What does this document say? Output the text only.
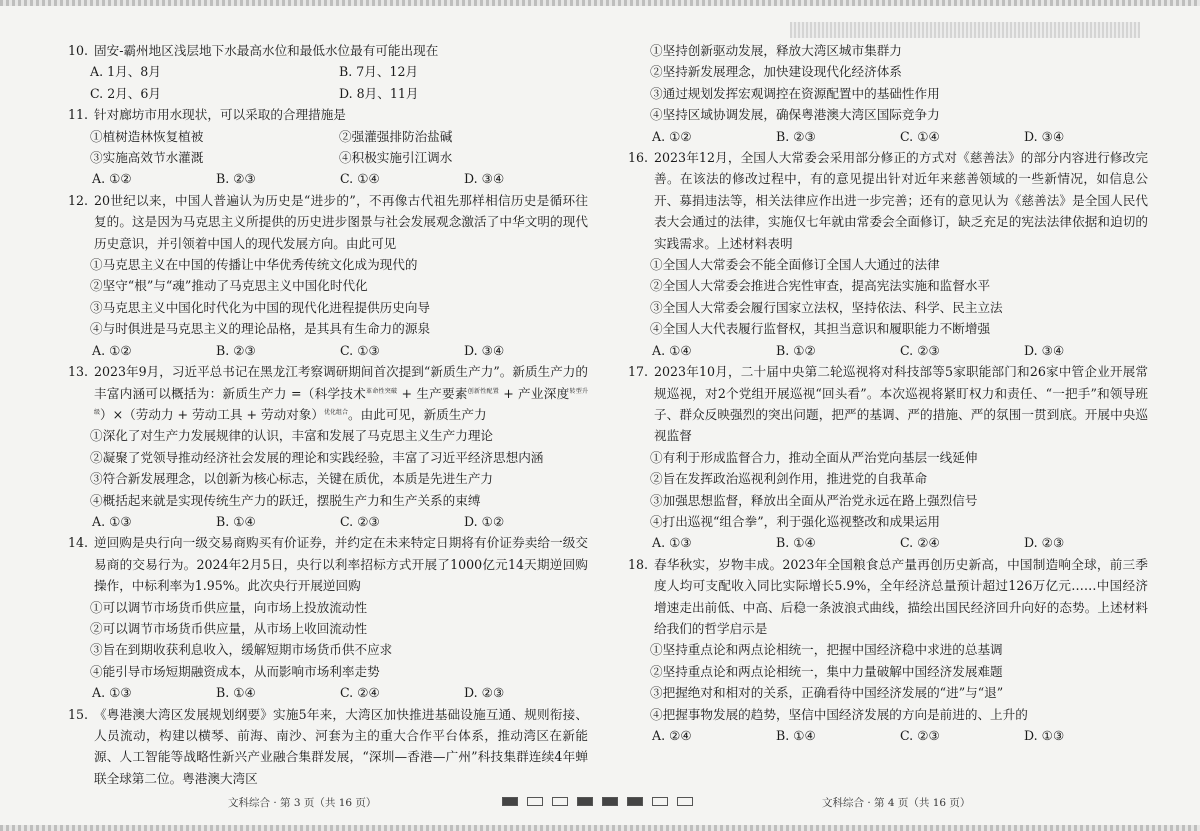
10. 固安-霸州地区浅层地下水最高水位和最低水位最有可能出现在
A. 1月、8月	B. 7月、12月
C. 2月、6月	D. 8月、11月
11. 针对廊坊市用水现状，可以采取的合理措施是
①植树造林恢复植被	②强灌强排防治盐碱
③实施高效节水灌溉	④积极实施引江调水
A. ①②	B. ②③	C. ①④	D. ③④
12. 20世纪以来，中国人普遍认为历史是“进步的”，不再像古代祖先那样相信历史是循环往复的。这是因为马克思主义所提供的历史进步图景与社会发展观念激活了中华文明的现代历史意识，并引领着中国人的现代发展方向。由此可见
①马克思主义在中国的传播让中华优秀传统文化成为现代的
②坚守“根”与“魂”推动了马克思主义中国化时代化
③马克思主义中国化时代化为中国的现代化进程提供历史向导
④与时俱进是马克思主义的理论品格，是其具有生命力的源泉
A. ①②	B. ②③	C. ①③	D. ③④
13. 2023年9月，习近平总书记在黑龙江考察调研期间首次提到“新质生产力”。新质生产力的丰富内涵可以概括为：新质生产力 =（科学技术$^{革命性突破}$ + 生产要素$^{创新性配置}$ + 产业深度$^{转型升级}$）×（劳动力 + 劳动工具 + 劳动对象）$^{优化组合}$。由此可见，新质生产力
①深化了对生产力发展规律的认识，丰富和发展了马克思主义生产力理论
②凝聚了党领导推动经济社会发展的理论和实践经验，丰富了习近平经济思想内涵
③符合新发展理念，以创新为核心标志，关键在质优，本质是先进生产力
④概括起来就是实现传统生产力的跃迁，摆脱生产力和生产关系的束缚
A. ①③	B. ①④	C. ②③	D. ①②
14. 逆回购是央行向一级交易商购买有价证券，并约定在未来特定日期将有价证券卖给一级交易商的交易行为。2024年2月5日，央行以利率招标方式开展了1000亿元14天期逆回购操作，中标利率为1.95%。此次央行开展逆回购
①可以调节市场货币供应量，向市场上投放流动性
②可以调节市场货币供应量，从市场上收回流动性
③旨在到期收获利息收入，缓解短期市场货币供不应求
④能引导市场短期融资成本，从而影响市场利率走势
A. ①③	B. ①④	C. ②④	D. ②③
15. 《粤港澳大湾区发展规划纲要》实施5年来，大湾区加快推进基础设施互通、规则衔接、人员流动，构建以横琴、前海、南沙、河套为主的重大合作平台体系，推动湾区在新能源、人工智能等战略性新兴产业融合集群发展，“深圳—香港—广州”科技集群连续4年蝉联全球第二位。粤港澳大湾区
①坚持创新驱动发展，释放大湾区城市集群力
②坚持新发展理念，加快建设现代化经济体系
③通过规划发挥宏观调控在资源配置中的基础性作用
④坚持区域协调发展，确保粤港澳大湾区国际竞争力
A. ①②	B. ②③	C. ①④	D. ③④
16. 2023年12月，全国人大常委会采用部分修正的方式对《慈善法》的部分内容进行修改完善。在该法的修改过程中，有的意见提出针对近年来慈善领域的一些新情况，如信息公开、募捐违法等，相关法律应作出进一步完善；还有的意见认为《慈善法》是全国人民代表大会通过的法律，实施仅七年就由常委会全面修订，缺乏充足的宪法法律依据和迫切的实践需求。上述材料表明
①全国人大常委会不能全面修订全国人大通过的法律
②全国人大常委会推进合宪性审查，提高宪法实施和监督水平
③全国人大常委会履行国家立法权，坚持依法、科学、民主立法
④全国人大代表履行监督权，其担当意识和履职能力不断增强
A. ①④	B. ①②	C. ②③	D. ③④
17. 2023年10月，二十届中央第二轮巡视将对科技部等5家职能部门和26家中管企业开展常规巡视，对2个党组开展巡视“回头看”。本次巡视将紧盯权力和责任、“一把手”和领导班子、群众反映强烈的突出问题，把严的基调、严的措施、严的氛围一贯到底。开展中央巡视监督
①有利于形成监督合力，推动全面从严治党向基层一线延伸
②旨在发挥政治巡视利剑作用，推进党的自我革命
③加强思想监督，释放出全面从严治党永远在路上强烈信号
④打出巡视“组合拳”，利于强化巡视整改和成果运用
A. ①③	B. ①④	C. ②④	D. ②③
18. 春华秋实，岁物丰成。2023年全国粮食总产量再创历史新高，中国制造响全球，前三季度人均可支配收入同比实际增长5.9%，全年经济总量预计超过126万亿元……中国经济增速走出前低、中高、后稳一条波浪式曲线，描绘出国民经济回升向好的态势。上述材料给我们的哲学启示是
①坚持重点论和两点论相统一，把握中国经济稳中求进的总基调
②坚持重点论和两点论相统一，集中力量破解中国经济发展难题
③把握绝对和相对的关系，正确看待中国经济发展的“进”与“退”
④把握事物发展的趋势，坚信中国经济发展的方向是前进的、上升的
A. ②④	B. ①④	C. ②③	D. ①③
文科综合 · 第 3 页（共 16 页）	文科综合 · 第 4 页（共 16 页）
